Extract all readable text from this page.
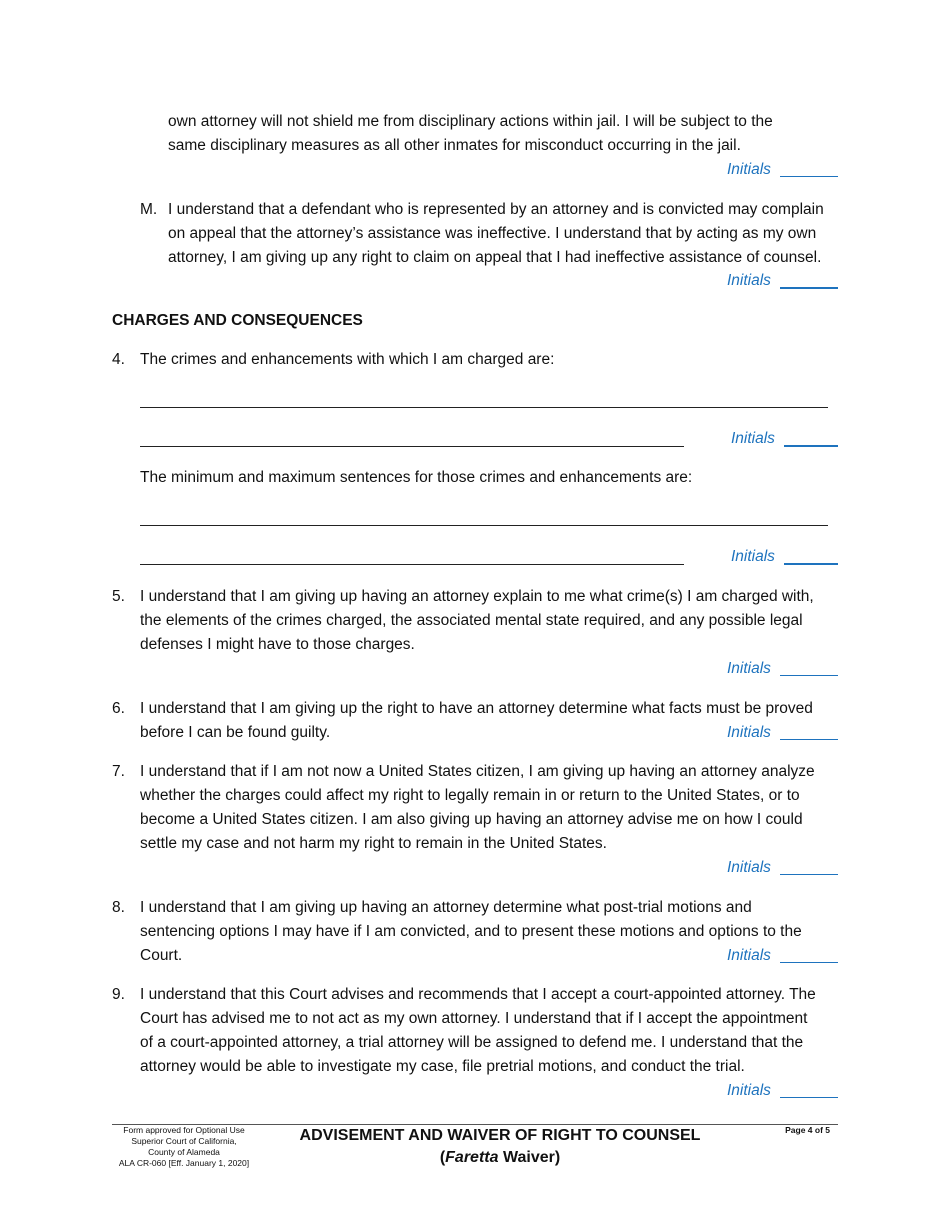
own attorney will not shield me from disciplinary actions within jail. I will be subject to the
same disciplinary measures as all other inmates for misconduct occurring in the jail.
Initials
M. I understand that a defendant who is represented by an attorney and is convicted may complain
on appeal that the attorney’s assistance was ineffective. I understand that by acting as my own
attorney, I am giving up any right to claim on appeal that I had ineffective assistance of counsel.
Initials
CHARGES AND CONSEQUENCES
4. The crimes and enhancements with which I am charged are:
Initials
The minimum and maximum sentences for those crimes and enhancements are:
Initials
5. I understand that I am giving up having an attorney explain to me what crime(s) I am charged with,
the elements of the crimes charged, the associated mental state required, and any possible legal
defenses I might have to those charges.
Initials
6. I understand that I am giving up the right to have an attorney determine what facts must be proved
before I can be found guilty.	Initials
7. I understand that if I am not now a United States citizen, I am giving up having an attorney analyze
whether the charges could affect my right to legally remain in or return to the United States, or to
become a United States citizen. I am also giving up having an attorney advise me on how I could
settle my case and not harm my right to remain in the United States.
Initials
8. I understand that I am giving up having an attorney determine what post-trial motions and
sentencing options I may have if I am convicted, and to present these motions and options to the
Court.	Initials
9. I understand that this Court advises and recommends that I accept a court-appointed attorney. The
Court has advised me to not act as my own attorney. I understand that if I accept the appointment
of a court-appointed attorney, a trial attorney will be assigned to defend me. I understand that the
attorney would be able to investigate my case, file pretrial motions, and conduct the trial.
Initials
Form approved for Optional Use
Superior Court of California,
County of Alameda
ALA CR-060 [Eff. January 1, 2020]
ADVISEMENT AND WAIVER OF RIGHT TO COUNSEL
(Faretta Waiver)
Page 4 of 5
